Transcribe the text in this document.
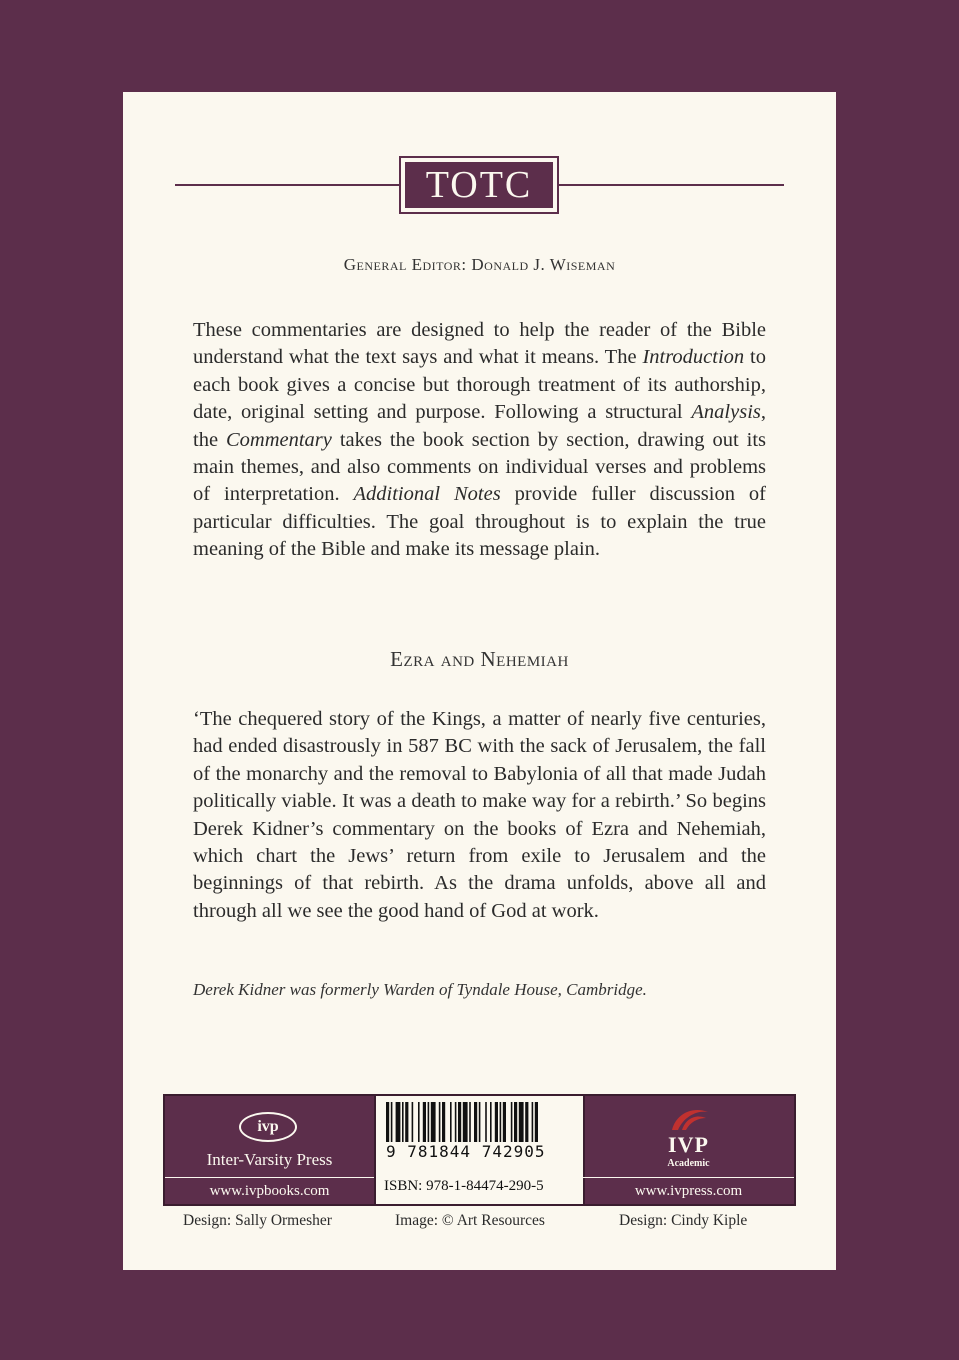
TOTC
General Editor: Donald J. Wiseman
These commentaries are designed to help the reader of the Bible understand what the text says and what it means. The Introduction to each book gives a concise but thorough treatment of its authorship, date, original setting and purpose. Following a structural Analysis, the Commentary takes the book section by section, drawing out its main themes, and also comments on individual verses and problems of interpretation. Additional Notes provide fuller discussion of particular difficulties. The goal throughout is to explain the true meaning of the Bible and make its message plain.
Ezra and Nehemiah
‘The chequered story of the Kings, a matter of nearly five centuries, had ended disastrously in 587 BC with the sack of Jerusalem, the fall of the monarchy and the removal to Babylonia of all that made Judah politically viable. It was a death to make way for a rebirth.’ So begins Derek Kidner’s commentary on the books of Ezra and Nehemiah, which chart the Jews’ return from exile to Jerusalem and the beginnings of that rebirth. As the drama unfolds, above all and through all we see the good hand of God at work.
Derek Kidner was formerly Warden of Tyndale House, Cambridge.
ivp
Inter-Varsity Press
www.ivpbooks.com
9 781844 742905
ISBN: 978-1-84474-290-5
IVP
Academic
www.ivpress.com
Design: Sally Ormesher	Image: © Art Resources	Design: Cindy Kiple
